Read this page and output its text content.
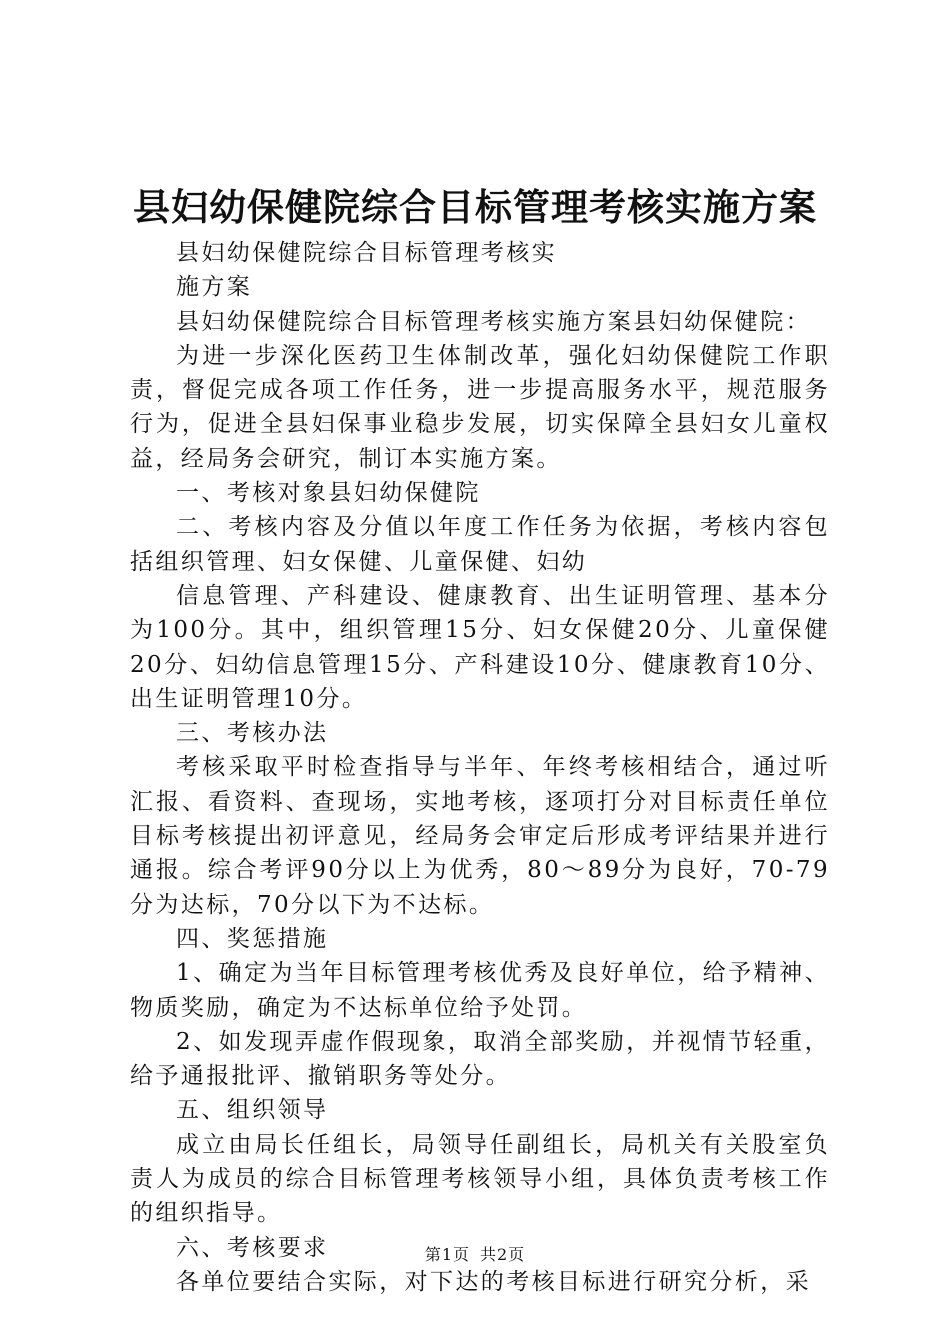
县妇幼保健院综合目标管理考核实施方案

县妇幼保健院综合目标管理考核实

施方案

县妇幼保健院综合目标管理考核实施方案县妇幼保健院：

为进一步深化医药卫生体制改革，强化妇幼保健院工作职责，督促完成各项工作任务，进一步提高服务水平，规范服务行为，促进全县妇保事业稳步发展，切实保障全县妇女儿童权益，经局务会研究，制订本实施方案。

一、考核对象县妇幼保健院

二、考核内容及分值以年度工作任务为依据，考核内容包括组织管理、妇女保健、儿童保健、妇幼

信息管理、产科建设、健康教育、出生证明管理、基本分为100分。其中，组织管理15分、妇女保健20分、儿童保健20分、妇幼信息管理15分、产科建设10分、健康教育10分、出生证明管理10分。

三、考核办法

考核采取平时检查指导与半年、年终考核相结合，通过听汇报、看资料、查现场，实地考核，逐项打分对目标责任单位目标考核提出初评意见，经局务会审定后形成考评结果并进行通报。综合考评90分以上为优秀，80～89分为良好，70-79分为达标，70分以下为不达标。

四、奖惩措施

1、确定为当年目标管理考核优秀及良好单位，给予精神、物质奖励，确定为不达标单位给予处罚。

2、如发现弄虚作假现象，取消全部奖励，并视情节轻重，给予通报批评、撤销职务等处分。

五、组织领导

成立由局长任组长，局领导任副组长，局机关有关股室负责人为成员的综合目标管理考核领导小组，具体负责考核工作的组织指导。

六、考核要求

各单位要结合实际，对下达的考核目标进行研究分析，采

第1页 共2页
